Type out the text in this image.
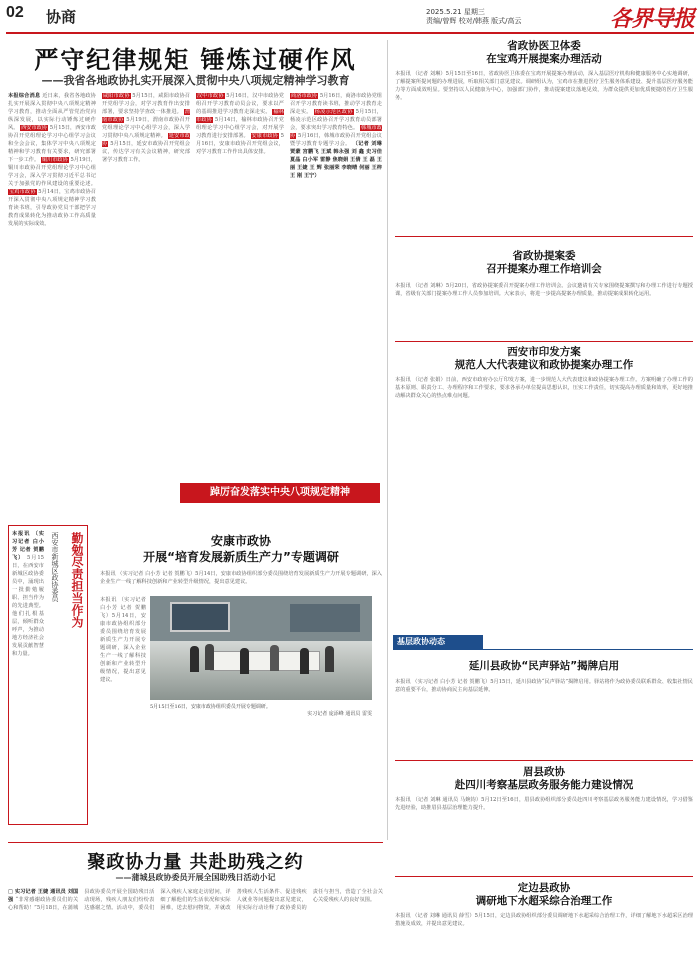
02 协商	2025.5.21 星期三
责编/曾辉 校对/韩燕 版式/高云	各界导报
严守纪律规矩 锤炼过硬作风
——我省各地政协扎实开展深入贯彻中央八项规定精神学习教育
本报综合消息 近日来，我省各地政协扎实开展深入贯彻中央八项规定精神学习教育，推动全面从严管党治党向纵深发展，以实际行动锤炼过硬作风。 西安市政协 5月15日，西安市政协召开党组理论学习中心组学习会议和全会会议，集体学习中央八项规定精神和学习教育有关要求，研究部署下一步工作。 铜川市政协 5月19日，铜川市政协召开党组理论学习中心组学习会，深入学习贯彻习近平总书记关于加强党的作风建设的重要论述。 宝鸡市政协 5月14日，宝鸡市政协召开深入贯彻中央八项规定精神学习教育读书班，引导政协党员干部把学习教育成果转化为推动政协工作高质量发展的实际成效。
咸阳市政协 5月15日，咸阳市政协召开党组学习会，对学习教育作出安排部署，要求坚持学查改一体推进。 渭南市政协 5月19日，渭南市政协召开党组理论学习中心组学习会，深入学习贯彻中央八项规定精神。 延安市政协 5月15日，延安市政协召开党组会议，传达学习有关会议精神，研究部署学习教育工作。
汉中市政协 5月16日，汉中市政协党组召开学习教育动员会议，要求以严的基调推进学习教育走深走实。 榆林市政协 5月14日，榆林市政协召开党组理论学习中心组学习会，对开展学习教育进行安排部署。 安康市政协 5月16日，安康市政协召开党组会议，对学习教育工作作出具体安排。
商洛市政协 5月16日，商洛市政协党组召开学习教育读书班，推动学习教育走深走实。 杨凌示范区政协 5月15日，杨凌示范区政协召开学习教育动员部署会，要求突出学习教育特色。 韩城市政协 5月16日，韩城市政协召开党组会议暨学习教育专题学习会。 （记者 刘琳 贾蒙 宫鹏飞 王斌 韩永强 刘 鑫 史习佳 夏晶 白小军 雷静 焦晓娟 王倩 王 磊 王丽 王婕 王 辉 张丽荣 李晓晴 何丽 王梓 王 刚 王宁）
踔厉奋发落实中央八项规定精神
省政协医卫体委
在宝鸡开展提案办理活动
本报讯 （记者 刘琳）5月15日至16日，省政协医卫体委在宝鸡开展提案办理活动，深入基层医疗机构和健康服务中心实地调研，了解提案所提问题的办理进展，听取相关部门意见建议。调研组认为，宝鸡市在推进医疗卫生服务体系建设、提升基层医疗服务能力等方面成效明显。要坚持以人民健康为中心，加强部门协作，推动提案建议落地见效，为群众提供更加优质便捷的医疗卫生服务。
省政协提案委
召开提案办理工作培训会
本报讯 （记者 刘琳）5月20日，省政协提案委召开提案办理工作培训会。会议邀请有关专家围绕提案撰写和办理工作进行专题授课，省级有关部门提案办理工作人员参加培训。大家表示，将进一步提高提案办理质量，推动提案成果转化运用。
西安市印发方案
规范人大代表建议和政协提案办理工作
本报讯 （记者 张娟）日前，西安市政府办公厅印发方案，进一步规范人大代表建议和政协提案办理工作。方案明确了办理工作的基本原则、职责分工、办理程序和工作要求，要求各承办单位提高思想认识，压实工作责任，切实提高办理质量和效率，更好地推动解决群众关心的热点难点问题。
基层政协动态
延川县政协“民声驿站”揭牌启用
本报讯 （实习记者 白小芳 记者 贺鹏飞）5月15日，延川县政协“民声驿站”揭牌启用。驿站将作为政协委员联系群众、收集社情民意的重要平台，推动协商民主向基层延伸。
眉县政协
赴四川考察基层政务服务能力建设情况
本报讯 （记者 刘琳 通讯员 马婉钧）5月12日至16日，眉县政协组织部分委员赴四川考察基层政务服务能力建设情况，学习借鉴先进经验，助推眉县基层治理能力提升。
定边县政协
调研地下水超采综合治理工作
本报讯 （记者 刘琳 通讯员 薛雪）5月15日，定边县政协组织部分委员调研地下水超采综合治理工作，详细了解地下水超采区治理措施及成效，并提出意见建议。
勤勉尽责担当作为
西安市新城区政协委员
本报讯 （实习记者 白小芳 记者 贺鹏飞） 5月15日，在西安市新城区政协委员中，涌现出一批勤勉履职、担当作为的先进典型。他们扎根基层，倾听群众呼声，为推动地方经济社会发展贡献智慧和力量。
安康市政协
开展“培育发展新质生产力”专题调研
本报讯 （实习记者 白小芳 记者 贺鹏飞）5月14日，安康市政协组织部分委员围绕培育发展新质生产力开展专题调研，深入企业生产一线了解科技创新和产业转型升级情况，提出意见建议。
本报讯 （实习记者 白小芳 记者 贺鹏飞）5月14日，安康市政协组织部分委员围绕培育发展新质生产力开展专题调研，深入企业生产一线了解科技创新和产业转型升级情况，提出意见建议。
5月15日至16日，安康市政协组织委员开展专题调研。
实习记者 庞添峰 通讯员 雷雯
聚政协力量 共赴助残之约
——蒲城县政协委员开展全国助残日活动小记
□ 实习记者 王婕 通讯员 刘国强 “非常感谢政协委员们的关心和帮助！”5月18日，在蒲城县政协委员开展全国助残日活动现场，残疾人朋友们纷纷表达感谢之情。活动中，委员们深入残疾人家庭走访慰问，详细了解他们的生活状况和实际困难，送去慰问物资，并就改善残疾人生活条件、促进残疾人就业等问题提出意见建议，用实际行动诠释了政协委员的责任与担当，营造了全社会关心关爱残疾人的良好氛围。
